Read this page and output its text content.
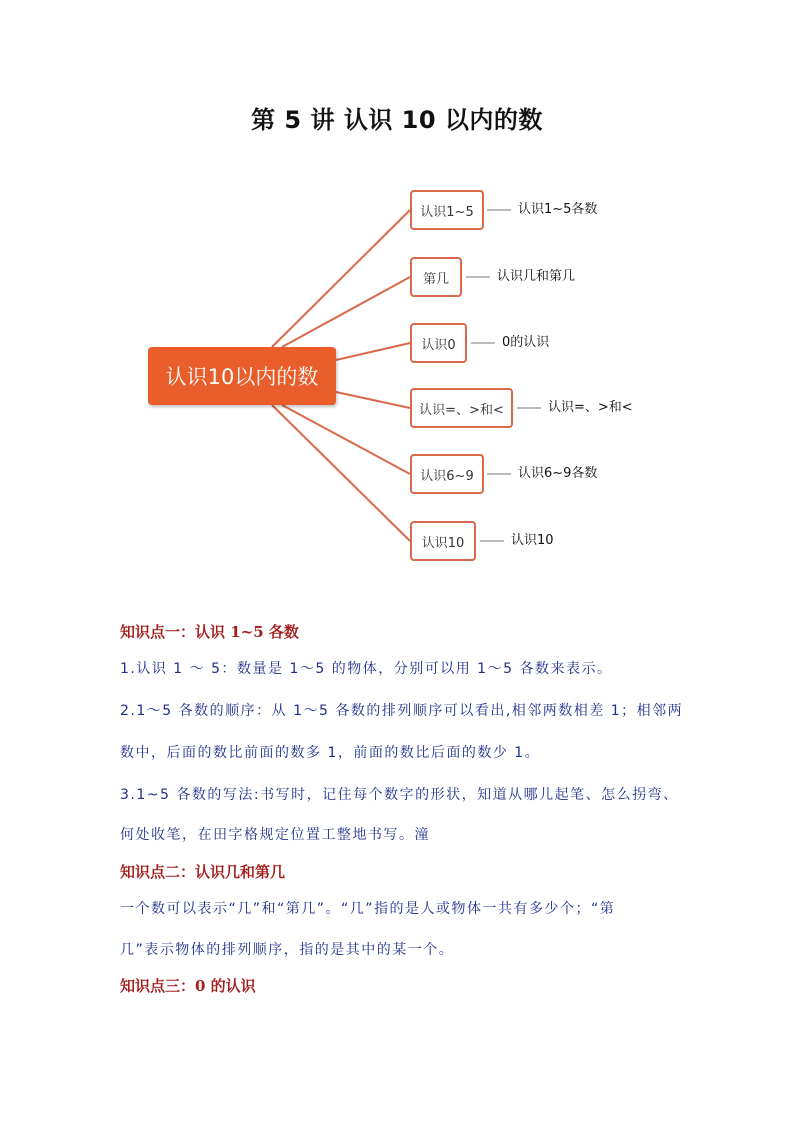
第 5 讲 认识 10 以内的数
认识10以内的数
认识1~5
第几
认识0
认识=、>和<
认识6~9
认识10
认识1~5各数
认识几和第几
0的认识
认识=、>和<
认识6~9各数
认识10
知识点一：认识 1~5 各数
1.认识 1 ～ 5：数量是 1～5 的物体，分别可以用 1～5 各数来表示。
2.1～5 各数的顺序：从 1～5 各数的排列顺序可以看出,相邻两数相差 1；相邻两
数中，后面的数比前面的数多 1，前面的数比后面的数少 1。
3.1~5 各数的写法:书写时，记住每个数字的形状，知道从哪儿起笔、怎么拐弯、
何处收笔，在田字格规定位置工整地书写。潼
知识点二：认识几和第几
一个数可以表示“几”和“第几”。“几”指的是人或物体一共有多少个；“第
几”表示物体的排列顺序，指的是其中的某一个。
知识点三：0 的认识
